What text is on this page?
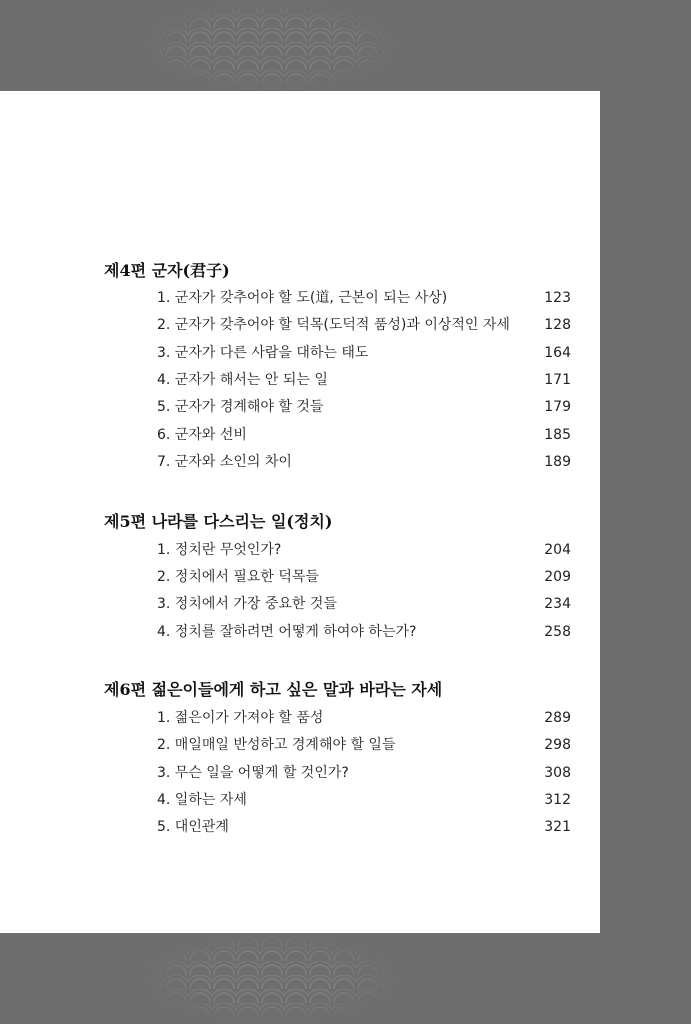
제4편 군자(君子)
1. 군자가 갖추어야 할 도(道, 근본이 되는 사상)	123
2. 군자가 갖추어야 할 덕목(도덕적 품성)과 이상적인 자세 128
3. 군자가 다른 사람을 대하는 태도	164
4. 군자가 해서는 안 되는 일	171
5. 군자가 경계해야 할 것들	179
6. 군자와 선비	185
7. 군자와 소인의 차이	189
제5편 나라를 다스리는 일(정치)
1. 정치란 무엇인가?	204
2. 정치에서 필요한 덕목들	209
3. 정치에서 가장 중요한 것들	234
4. 정치를 잘하려면 어떻게 하여야 하는가?	258
제6편 젊은이들에게 하고 싶은 말과 바라는 자세
1. 젊은이가 가져야 할 품성	289
2. 매일매일 반성하고 경계해야 할 일들	298
3. 무슨 일을 어떻게 할 것인가?	308
4. 일하는 자세	312
5. 대인관계	321
